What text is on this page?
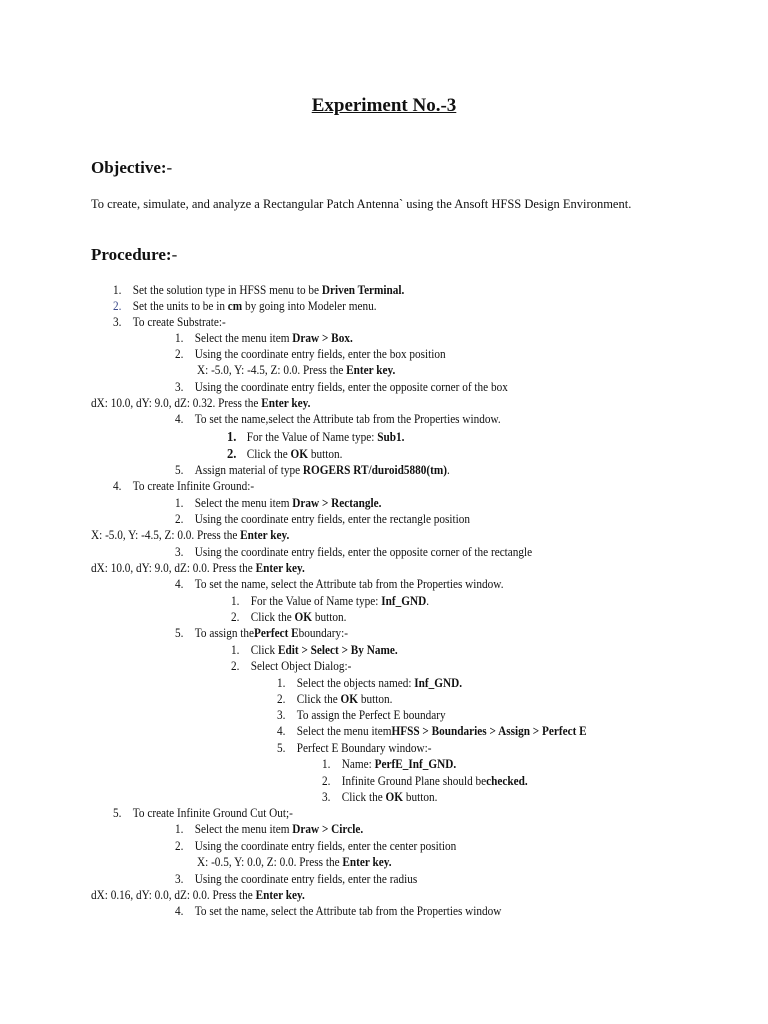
Experiment No.-3
Objective:-
To create, simulate, and analyze a Rectangular Patch Antenna` using the Ansoft HFSS Design Environment.
Procedure:-
1. Set the solution type in HFSS menu to be Driven Terminal.
2. Set the units to be in cm by going into Modeler menu.
3. To create Substrate:-
1. Select the menu item Draw > Box.
2. Using the coordinate entry fields, enter the box position
X: -5.0, Y: -4.5, Z: 0.0. Press the Enter key.
3. Using the coordinate entry fields, enter the opposite corner of the box
dX: 10.0, dY: 9.0, dZ: 0.32. Press the Enter key.
4. To set the name,select the Attribute tab from the Properties window.
1. For the Value of Name type: Sub1.
2. Click the OK button.
5. Assign material of type ROGERS RT/duroid5880(tm).
4. To create Infinite Ground:-
1. Select the menu item Draw > Rectangle.
2. Using the coordinate entry fields, enter the rectangle position
X: -5.0, Y: -4.5, Z: 0.0. Press the Enter key.
3. Using the coordinate entry fields, enter the opposite corner of the rectangle
dX: 10.0, dY: 9.0, dZ: 0.0. Press the Enter key.
4. To set the name, select the Attribute tab from the Properties window.
1. For the Value of Name type: Inf_GND.
2. Click the OK button.
5. To assign thePerfect Eboundary:-
1. Click Edit > Select > By Name.
2. Select Object Dialog:-
1. Select the objects named: Inf_GND.
2. Click the OK button.
3. To assign the Perfect E boundary
4. Select the menu itemHFSS > Boundaries > Assign > Perfect E
5. Perfect E Boundary window:-
1. Name: PerfE_Inf_GND.
2. Infinite Ground Plane should bechecked.
3. Click the OK button.
5. To create Infinite Ground Cut Out;-
1. Select the menu item Draw > Circle.
2. Using the coordinate entry fields, enter the center position
X: -0.5, Y: 0.0, Z: 0.0. Press the Enter key.
3. Using the coordinate entry fields, enter the radius
dX: 0.16, dY: 0.0, dZ: 0.0. Press the Enter key.
4. To set the name, select the Attribute tab from the Properties window
